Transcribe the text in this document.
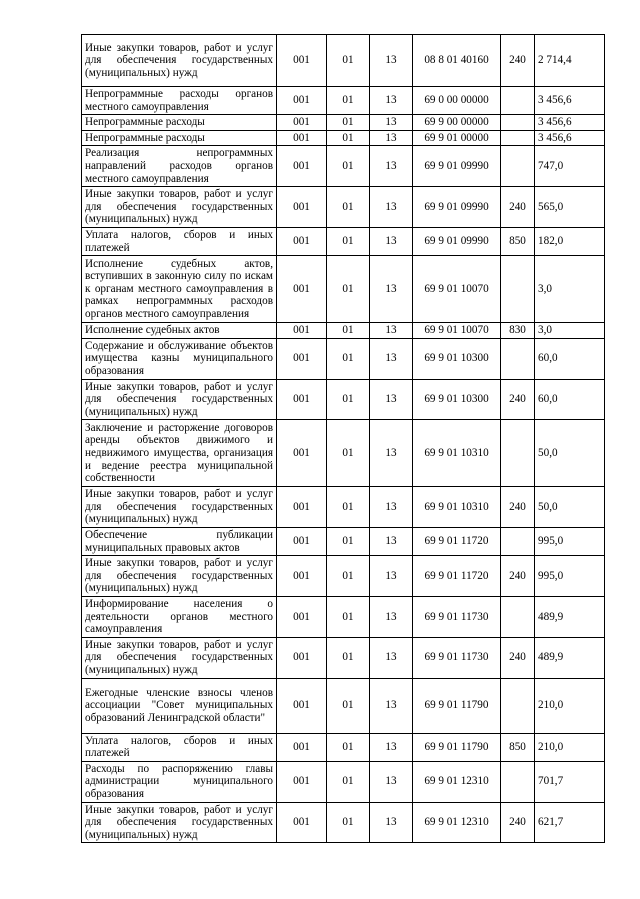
Иные закупки товаров, работ и услуг для обеспечения государственных (муниципальных) нужд	001	01	13	08 8 01 40160	240	2 714,4
Непрограммные расходы органов местного самоуправления	001	01	13	69 0 00 00000		3 456,6
Непрограммные расходы	001	01	13	69 9 00 00000		3 456,6
Непрограммные расходы	001	01	13	69 9 01 00000		3 456,6
Реализация непрограммных направлений расходов органов местного самоуправления	001	01	13	69 9 01 09990		747,0
Иные закупки товаров, работ и услуг для обеспечения государственных (муниципальных) нужд	001	01	13	69 9 01 09990	240	565,0
Уплата налогов, сборов и иных платежей	001	01	13	69 9 01 09990	850	182,0
Исполнение судебных актов, вступивших в законную силу по искам к органам местного самоуправления в рамках непрограммных расходов органов местного самоуправления	001	01	13	69 9 01 10070		3,0
Исполнение судебных актов	001	01	13	69 9 01 10070	830	3,0
Содержание и обслуживание объектов имущества казны муниципального образования	001	01	13	69 9 01 10300		60,0
Иные закупки товаров, работ и услуг для обеспечения государственных (муниципальных) нужд	001	01	13	69 9 01 10300	240	60,0
Заключение и расторжение договоров аренды объектов движимого и недвижимого имущества, организация и ведение реестра муниципальной собственности	001	01	13	69 9 01 10310		50,0
Иные закупки товаров, работ и услуг для обеспечения государственных (муниципальных) нужд	001	01	13	69 9 01 10310	240	50,0
Обеспечение публикации муниципальных правовых актов	001	01	13	69 9 01 11720		995,0
Иные закупки товаров, работ и услуг для обеспечения государственных (муниципальных) нужд	001	01	13	69 9 01 11720	240	995,0
Информирование населения о деятельности органов местного самоуправления	001	01	13	69 9 01 11730		489,9
Иные закупки товаров, работ и услуг для обеспечения государственных (муниципальных) нужд	001	01	13	69 9 01 11730	240	489,9
Ежегодные членские взносы членов ассоциации "Совет муниципальных образований Ленинградской области"	001	01	13	69 9 01 11790		210,0
Уплата налогов, сборов и иных платежей	001	01	13	69 9 01 11790	850	210,0
Расходы по распоряжению главы администрации муниципального образования	001	01	13	69 9 01 12310		701,7
Иные закупки товаров, работ и услуг для обеспечения государственных (муниципальных) нужд	001	01	13	69 9 01 12310	240	621,7
